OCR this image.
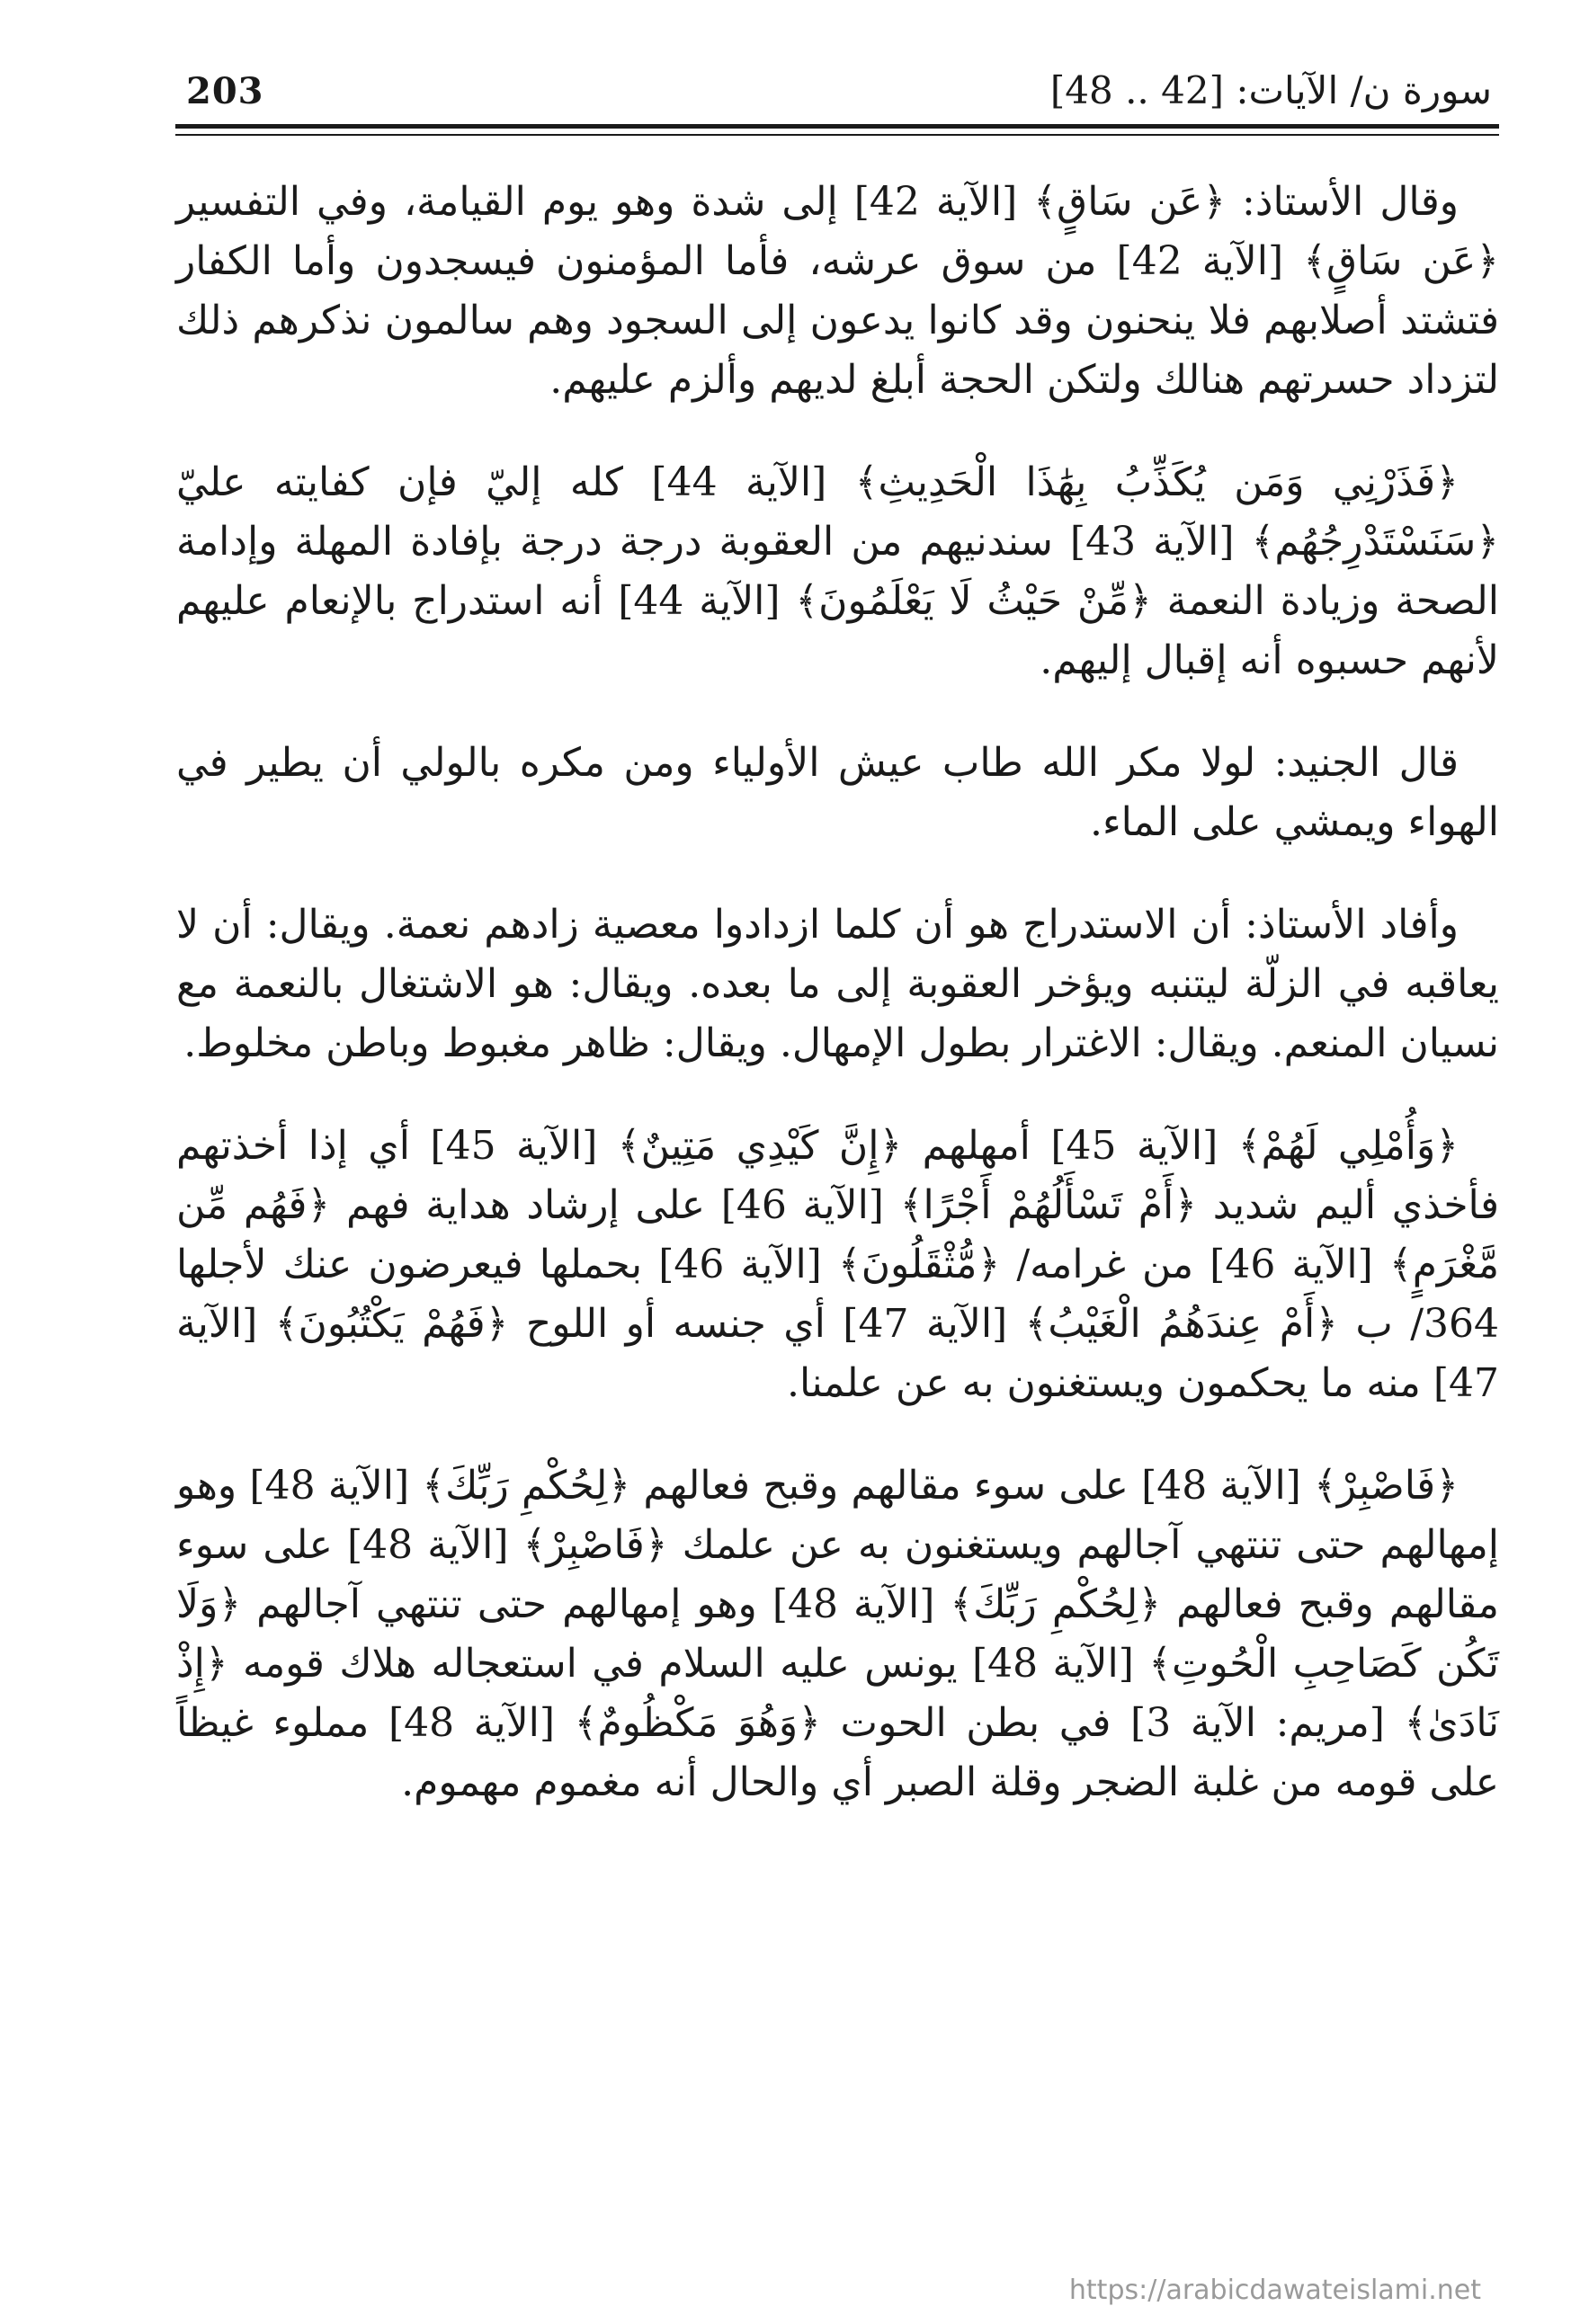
203	سورة ن/ الآيات: [42 .. 48]

وقال الأستاذ: ﴿عَن سَاقٍ﴾ [الآية 42] إلى شدة وهو يوم القيامة، وفي التفسير ﴿عَن سَاقٍ﴾ [الآية 42] من سوق عرشه، فأما المؤمنون فيسجدون وأما الكفار فتشتد أصلابهم فلا ينحنون وقد كانوا يدعون إلى السجود وهم سالمون نذكرهم ذلك لتزداد حسرتهم هنالك ولتكن الحجة أبلغ لديهم وألزم عليهم.

﴿فَذَرْنِي وَمَن يُكَذِّبُ بِهَٰذَا الْحَدِيثِ﴾ [الآية 44] كله إليّ فإن كفايته عليّ ﴿سَنَسْتَدْرِجُهُم﴾ [الآية 43] سندنيهم من العقوبة درجة درجة بإفادة المهلة وإدامة الصحة وزيادة النعمة ﴿مِّنْ حَيْثُ لَا يَعْلَمُونَ﴾ [الآية 44] أنه استدراج بالإنعام عليهم لأنهم حسبوه أنه إقبال إليهم.

قال الجنيد: لولا مكر الله طاب عيش الأولياء ومن مكره بالولي أن يطير في الهواء ويمشي على الماء.

وأفاد الأستاذ: أن الاستدراج هو أن كلما ازدادوا معصية زادهم نعمة. ويقال: أن لا يعاقبه في الزلّة ليتنبه ويؤخر العقوبة إلى ما بعده. ويقال: هو الاشتغال بالنعمة مع نسيان المنعم. ويقال: الاغترار بطول الإمهال. ويقال: ظاهر مغبوط وباطن مخلوط.

﴿وَأُمْلِي لَهُمْ﴾ [الآية 45] أمهلهم ﴿إِنَّ كَيْدِي مَتِينٌ﴾ [الآية 45] أي إذا أخذتهم فأخذي أليم شديد ﴿أَمْ تَسْأَلُهُمْ أَجْرًا﴾ [الآية 46] على إرشاد هداية فهم ﴿فَهُم مِّن مَّغْرَمٍ﴾ [الآية 46] من غرامه/ ﴿مُّثْقَلُونَ﴾ [الآية 46] بحملها فيعرضون عنك لأجلها 364/ ب ﴿أَمْ عِندَهُمُ الْغَيْبُ﴾ [الآية 47] أي جنسه أو اللوح ﴿فَهُمْ يَكْتُبُونَ﴾ [الآية 47] منه ما يحكمون ويستغنون به عن علمنا.

﴿فَاصْبِرْ﴾ [الآية 48] على سوء مقالهم وقبح فعالهم ﴿لِحُكْمِ رَبِّكَ﴾ [الآية 48] وهو إمهالهم حتى تنتهي آجالهم ويستغنون به عن علمك ﴿فَاصْبِرْ﴾ [الآية 48] على سوء مقالهم وقبح فعالهم ﴿لِحُكْمِ رَبِّكَ﴾ [الآية 48] وهو إمهالهم حتى تنتهي آجالهم ﴿وَلَا تَكُن كَصَاحِبِ الْحُوتِ﴾ [الآية 48] يونس عليه السلام في استعجاله هلاك قومه ﴿إِذْ نَادَىٰ﴾ [مريم: الآية 3] في بطن الحوت ﴿وَهُوَ مَكْظُومٌ﴾ [الآية 48] مملوء غيظاً على قومه من غلبة الضجر وقلة الصبر أي والحال أنه مغموم مهموم.

https://arabicdawateislami.net
